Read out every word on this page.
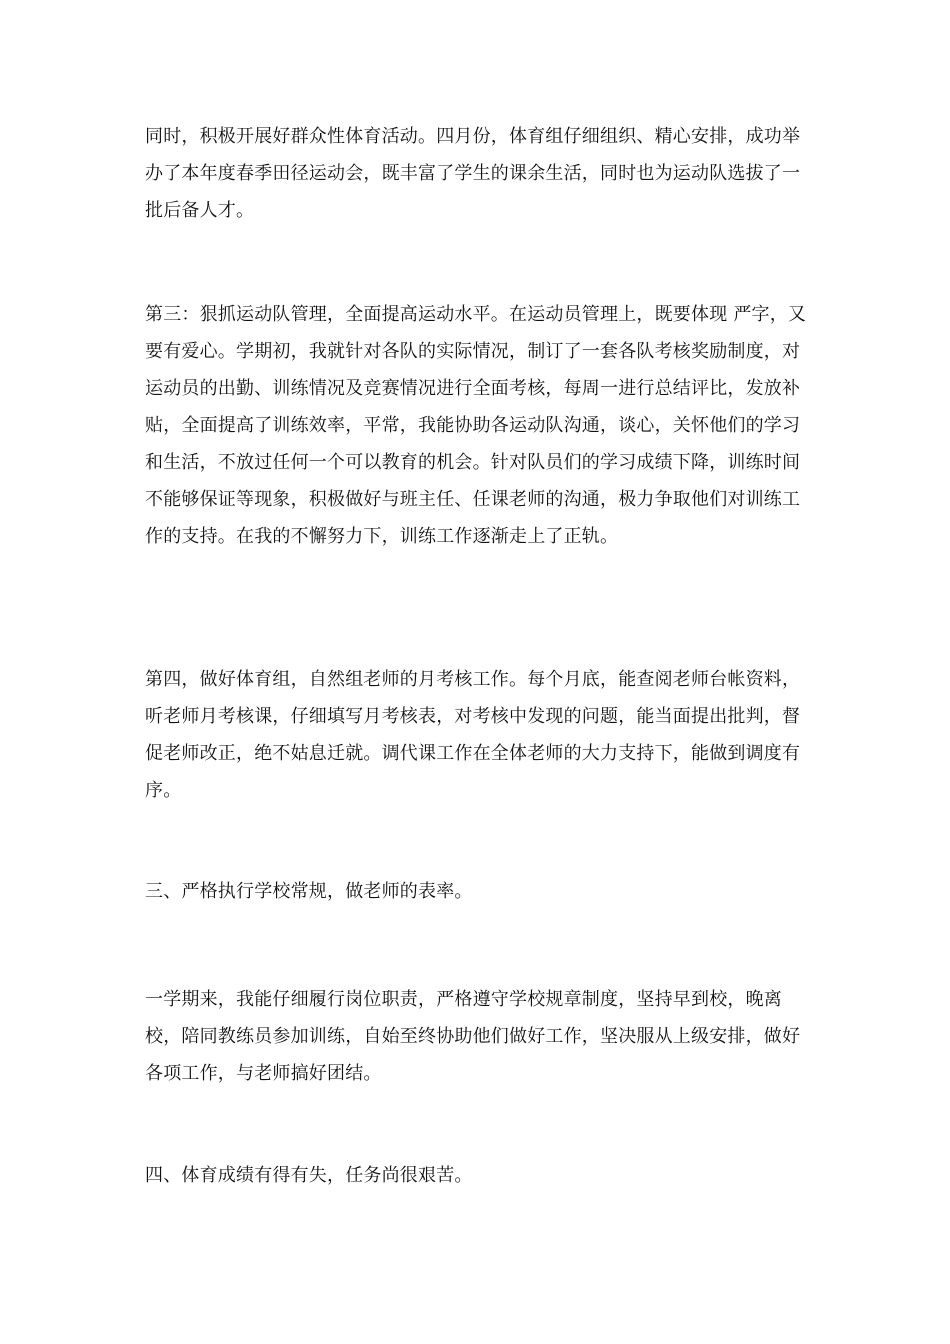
同时，积极开展好群众性体育活动。四月份，体育组仔细组织、精心安排，成功举办了本年度春季田径运动会，既丰富了学生的课余生活，同时也为运动队选拔了一批后备人才。

第三：狠抓运动队管理，全面提高运动水平。在运动员管理上，既要体现 严字，又要有爱心。学期初，我就针对各队的实际情况，制订了一套各队考核奖励制度，对运动员的出勤、训练情况及竞赛情况进行全面考核，每周一进行总结评比，发放补贴，全面提高了训练效率，平常，我能协助各运动队沟通，谈心，关怀他们的学习和生活，不放过任何一个可以教育的机会。针对队员们的学习成绩下降，训练时间不能够保证等现象，积极做好与班主任、任课老师的沟通，极力争取他们对训练工作的支持。在我的不懈努力下，训练工作逐渐走上了正轨。

第四，做好体育组，自然组老师的月考核工作。每个月底，能查阅老师台帐资料，听老师月考核课，仔细填写月考核表，对考核中发现的问题，能当面提出批判，督促老师改正，绝不姑息迁就。调代课工作在全体老师的大力支持下，能做到调度有序。

三、严格执行学校常规，做老师的表率。

一学期来，我能仔细履行岗位职责，严格遵守学校规章制度，坚持早到校，晚离校，陪同教练员参加训练，自始至终协助他们做好工作，坚决服从上级安排，做好各项工作，与老师搞好团结。

四、体育成绩有得有失，任务尚很艰苦。
